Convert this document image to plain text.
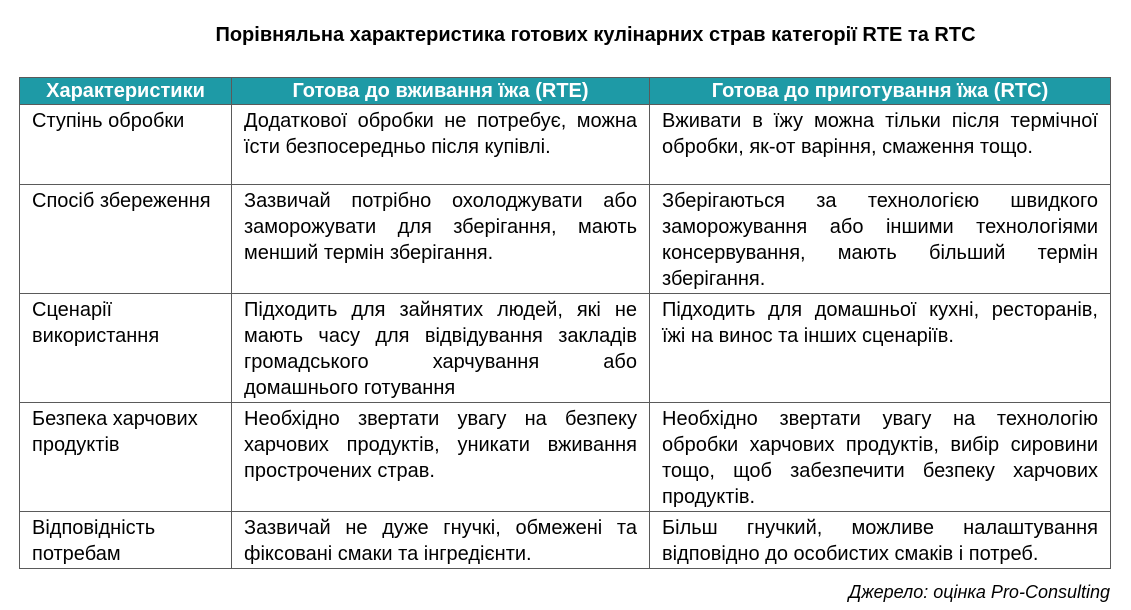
Порівняльна характеристика готових кулінарних страв категорії RTE та RTC
Характеристики	Готова до вживання їжа (RTE)	Готова до приготування їжа (RTC)
Ступінь обробки	Додаткової обробки не потребує, можна їсти безпосередньо після купівлі.	Вживати в їжу можна тільки після термічної обробки, як-от варіння, смаження тощо.
Спосіб збереження	Зазвичай потрібно охолоджувати або заморожувати для зберігання, мають менший термін зберігання.	Зберігаються за технологією швидкого заморожування або іншими технологіями консервування, мають більший термін зберігання.
Сценарії використання	Підходить для зайнятих людей, які не мають часу для відвідування закладів громадського харчування або домашнього готування	Підходить для домашньої кухні, ресторанів, їжі на винос та інших сценаріїв.
Безпека харчових продуктів	Необхідно звертати увагу на безпеку харчових продуктів, уникати вживання прострочених страв.	Необхідно звертати увагу на технологію обробки харчових продуктів, вибір сировини тощо, щоб забезпечити безпеку харчових продуктів.
Відповідність потребам	Зазвичай не дуже гнучкі, обмежені та фіксовані смаки та інгредієнти.	Більш гнучкий, можливе налаштування відповідно до особистих смаків і потреб.
Джерело: оцінка Pro-Consulting
